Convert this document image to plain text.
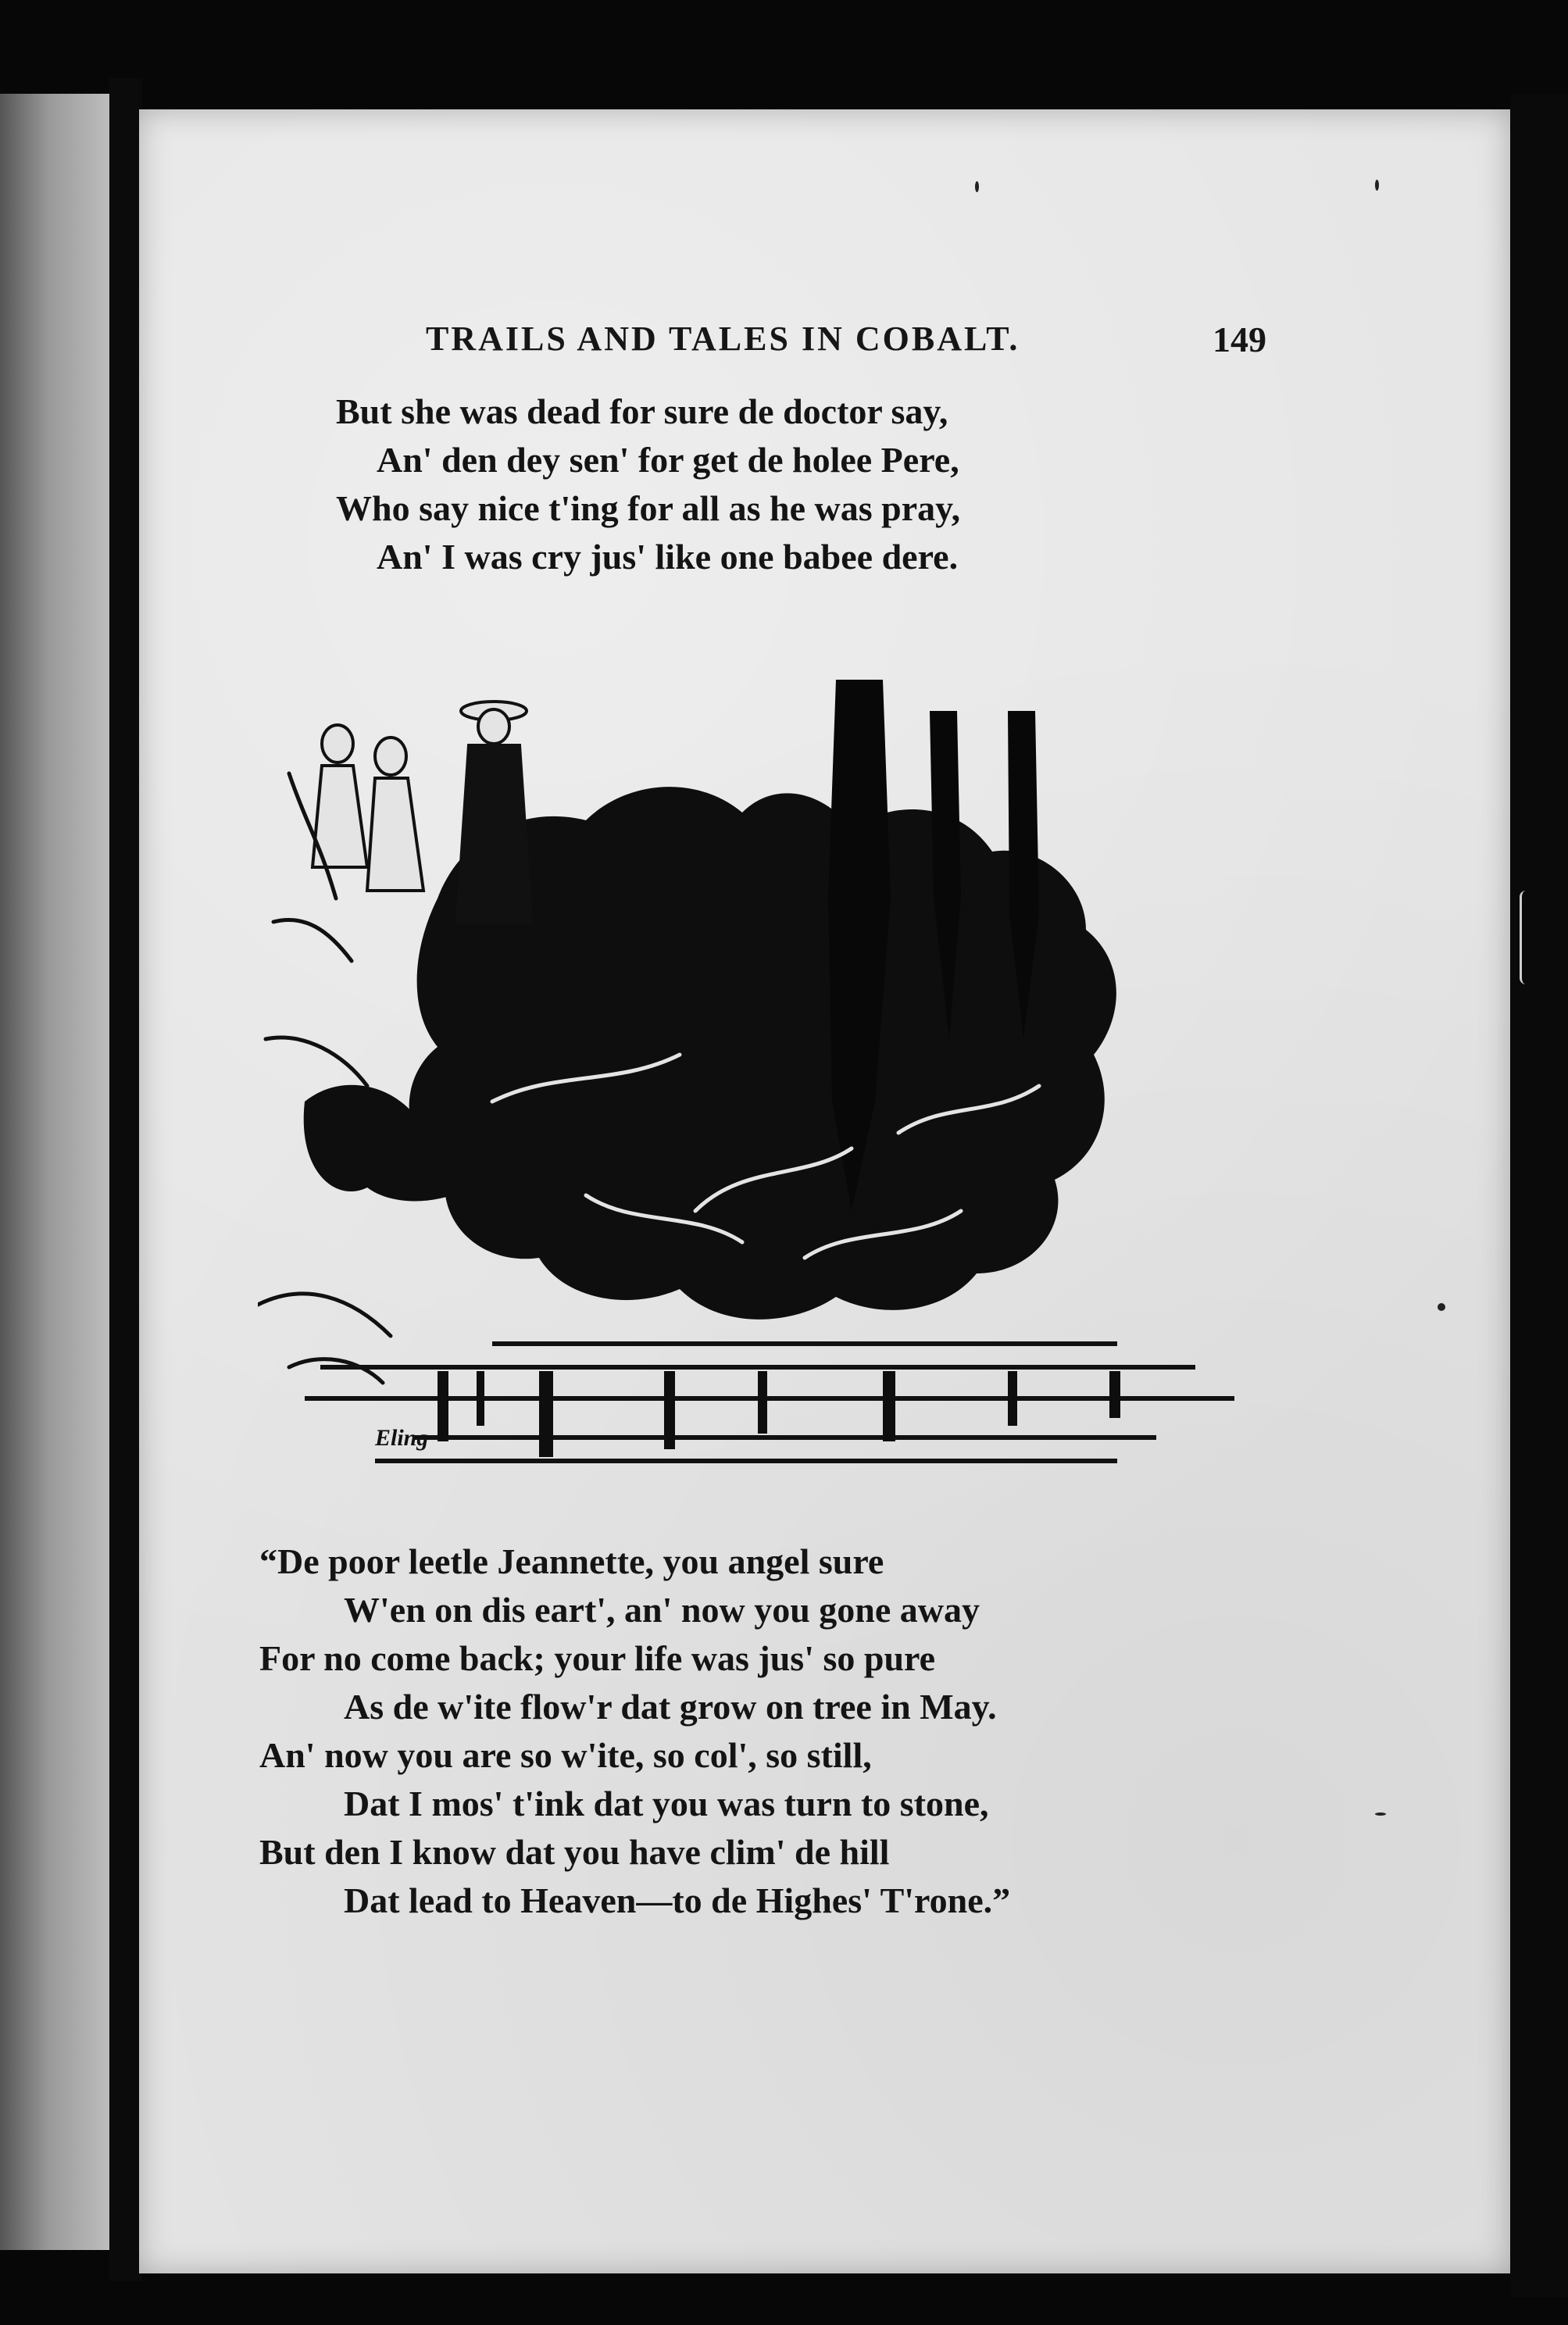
TRAILS AND TALES IN COBALT.	149
But she was dead for sure de doctor say,
An' den dey sen' for get de holee Pere,
Who say nice t'ing for all as he was pray,
An' I was cry jus' like one babee dere.
Eling
“De poor leetle Jeannette, you angel sure
W'en on dis eart', an' now you gone away
For no come back; your life was jus' so pure
As de w'ite flow'r dat grow on tree in May.
An' now you are so w'ite, so col', so still,
Dat I mos' t'ink dat you was turn to stone,
But den I know dat you have clim' de hill
Dat lead to Heaven—to de Highes' T'rone.”
